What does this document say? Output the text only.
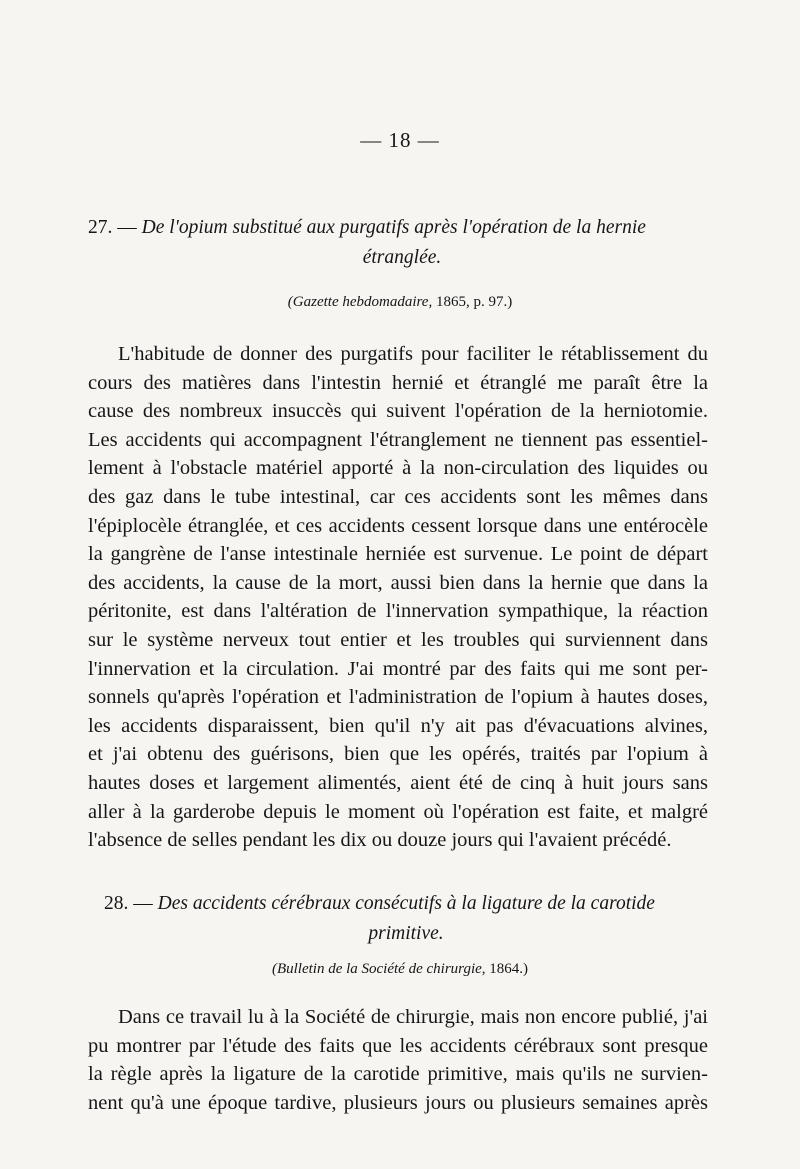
— 18 —
27. — De l'opium substitué aux purgatifs après l'opération de la hernie
étranglée.
(Gazette hebdomadaire, 1865, p. 97.)
L'habitude de donner des purgatifs pour faciliter le rétablissement du
cours des matières dans l'intestin hernié et étranglé me paraît être la
cause des nombreux insuccès qui suivent l'opération de la herniotomie.
Les accidents qui accompagnent l'étranglement ne tiennent pas essentiel-
lement à l'obstacle matériel apporté à la non-circulation des liquides ou
des gaz dans le tube intestinal, car ces accidents sont les mêmes dans
l'épiplocèle étranglée, et ces accidents cessent lorsque dans une entérocèle
la gangrène de l'anse intestinale herniée est survenue. Le point de départ
des accidents, la cause de la mort, aussi bien dans la hernie que dans la
péritonite, est dans l'altération de l'innervation sympathique, la réaction
sur le système nerveux tout entier et les troubles qui surviennent dans
l'innervation et la circulation. J'ai montré par des faits qui me sont per-
sonnels qu'après l'opération et l'administration de l'opium à hautes doses,
les accidents disparaissent, bien qu'il n'y ait pas d'évacuations alvines,
et j'ai obtenu des guérisons, bien que les opérés, traités par l'opium à
hautes doses et largement alimentés, aient été de cinq à huit jours sans
aller à la garderobe depuis le moment où l'opération est faite, et malgré
l'absence de selles pendant les dix ou douze jours qui l'avaient précédé.
28. — Des accidents cérébraux consécutifs à la ligature de la carotide
primitive.
(Bulletin de la Société de chirurgie, 1864.)
Dans ce travail lu à la Société de chirurgie, mais non encore publié, j'ai
pu montrer par l'étude des faits que les accidents cérébraux sont presque
la règle après la ligature de la carotide primitive, mais qu'ils ne survien-
nent qu'à une époque tardive, plusieurs jours ou plusieurs semaines après
